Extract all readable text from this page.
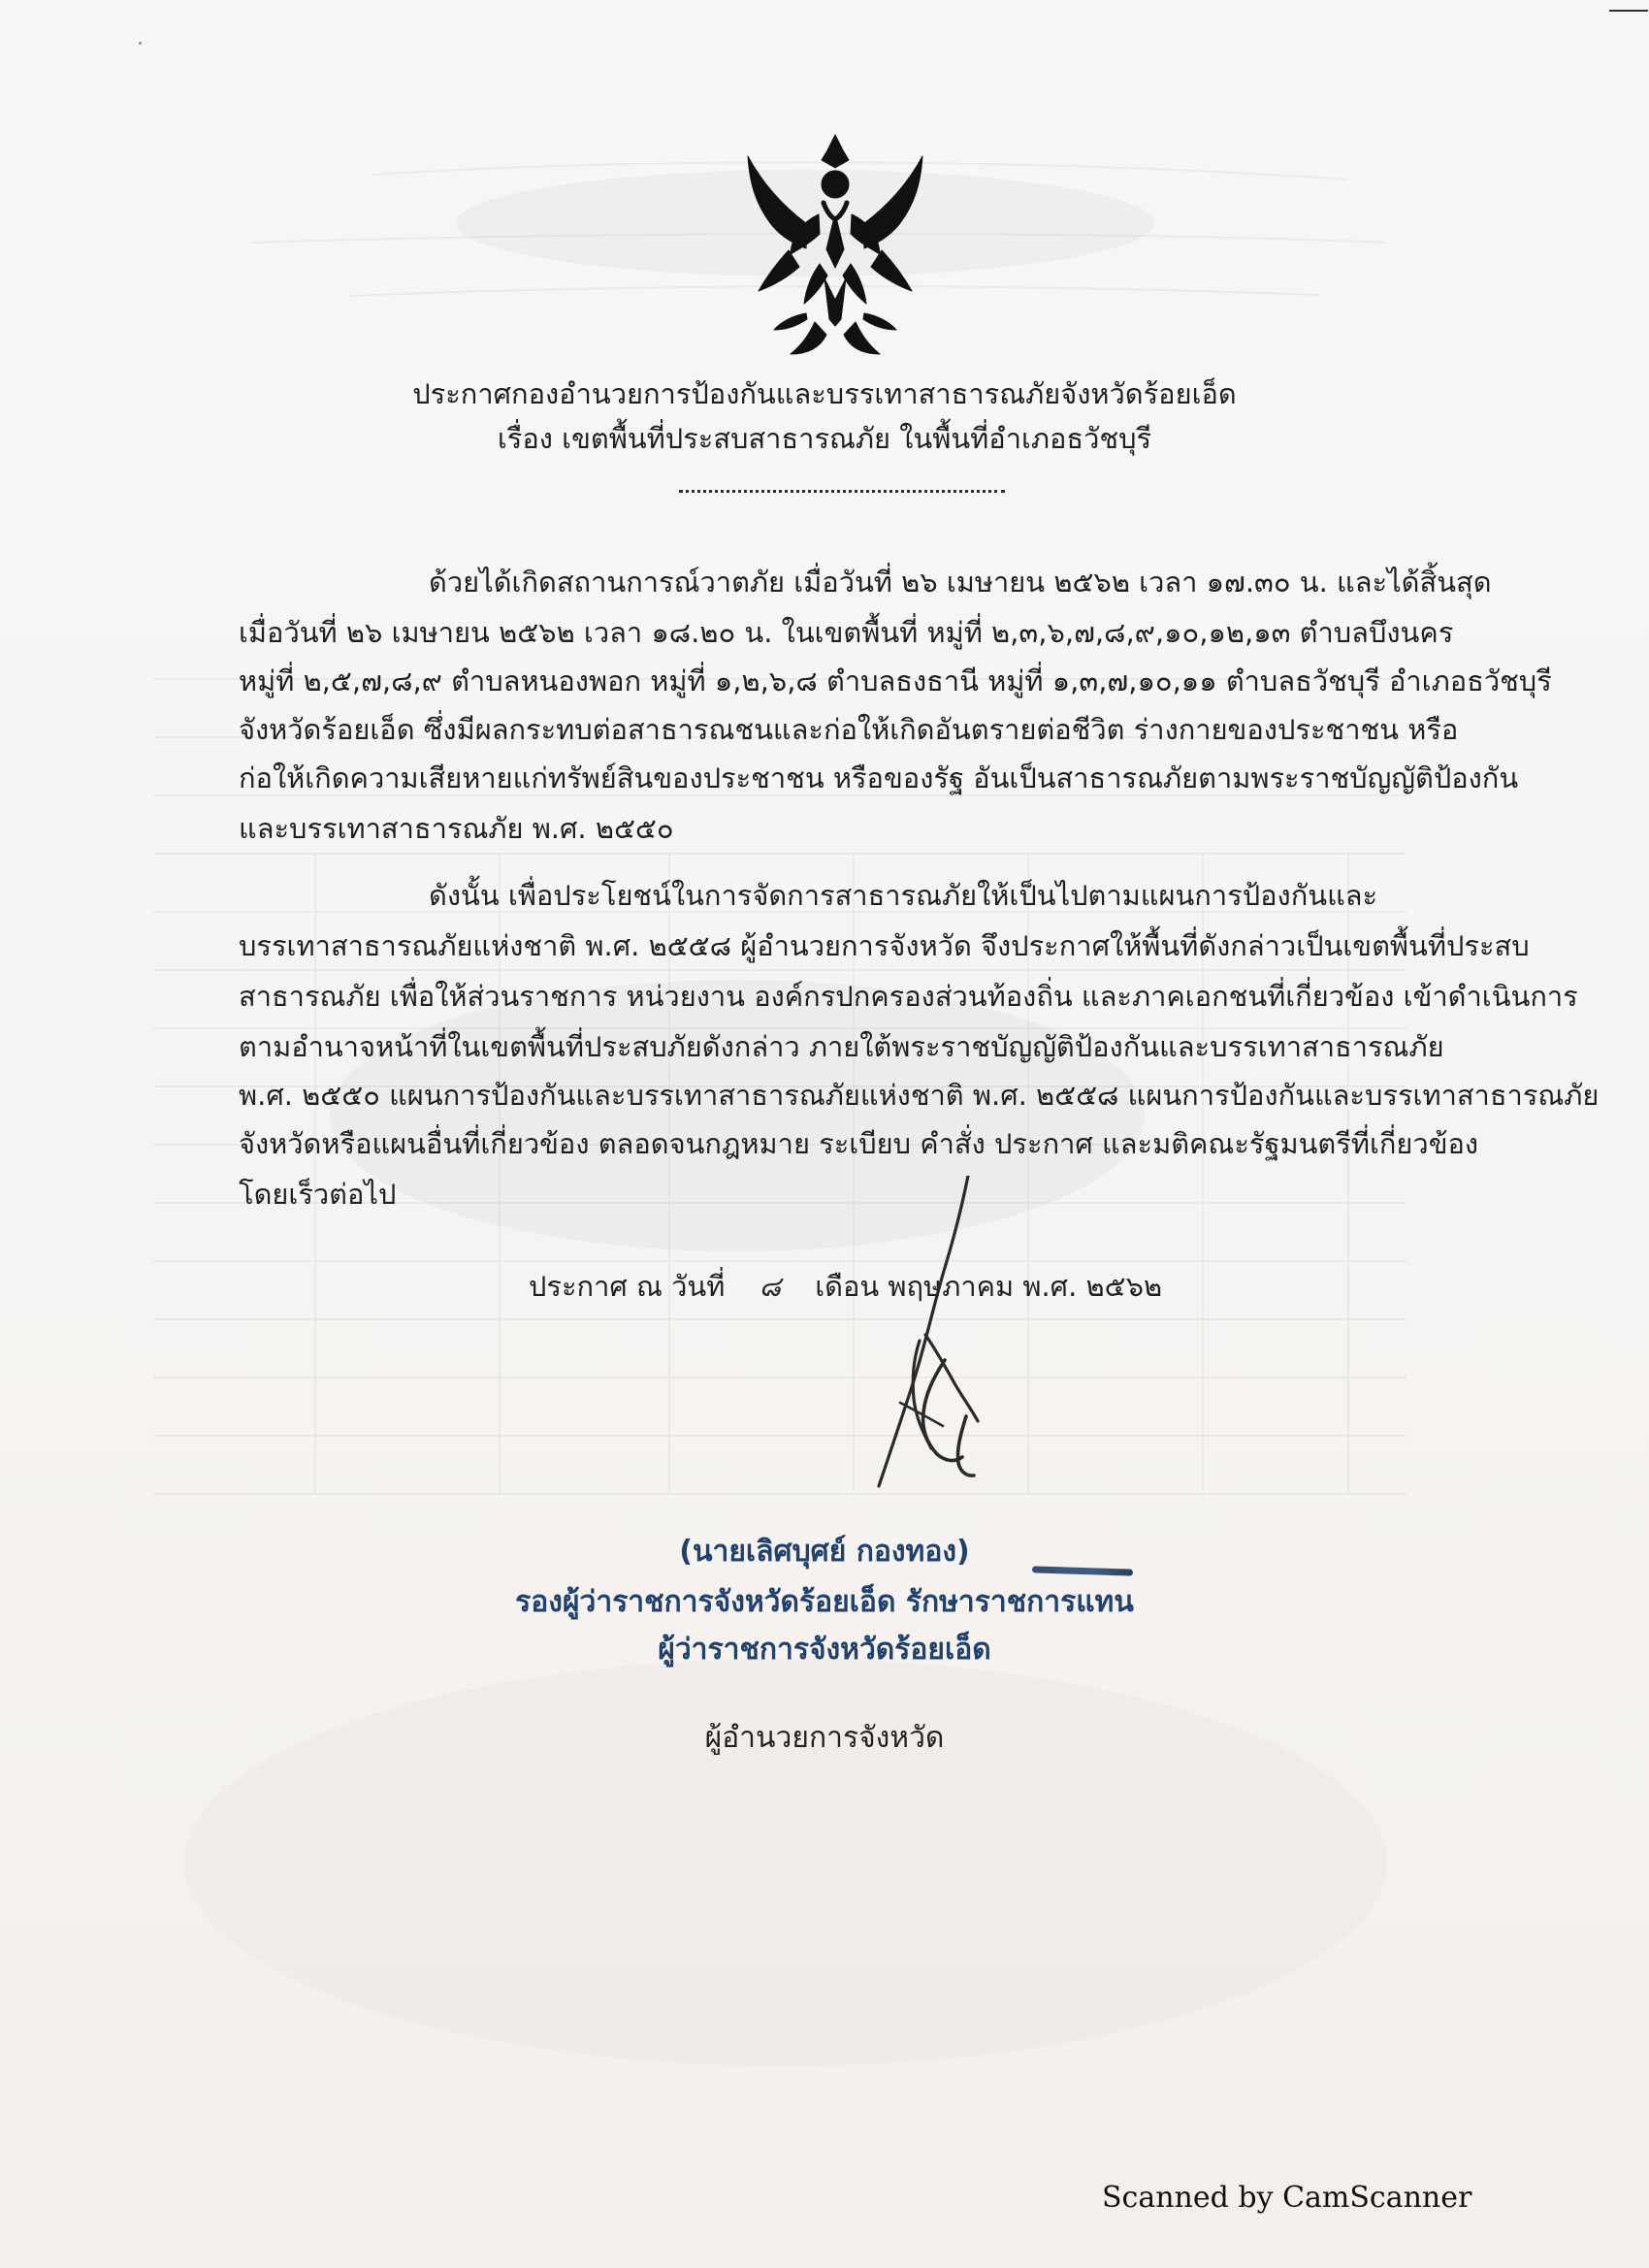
ประกาศกองอำนวยการป้องกันและบรรเทาสาธารณภัยจังหวัดร้อยเอ็ด
เรื่อง เขตพื้นที่ประสบสาธารณภัย ในพื้นที่อำเภอธวัชบุรี
ด้วยได้เกิดสถานการณ์วาตภัย เมื่อวันที่ ๒๖ เมษายน ๒๕๖๒ เวลา ๑๗.๓๐ น. และได้สิ้นสุด
เมื่อวันที่ ๒๖ เมษายน ๒๕๖๒ เวลา ๑๘.๒๐ น. ในเขตพื้นที่ หมู่ที่ ๒,๓,๖,๗,๘,๙,๑๐,๑๒,๑๓ ตำบลบึงนคร
หมู่ที่ ๒,๕,๗,๘,๙ ตำบลหนองพอก หมู่ที่ ๑,๒,๖,๘ ตำบลธงธานี หมู่ที่ ๑,๓,๗,๑๐,๑๑ ตำบลธวัชบุรี อำเภอธวัชบุรี
จังหวัดร้อยเอ็ด ซึ่งมีผลกระทบต่อสาธารณชนและก่อให้เกิดอันตรายต่อชีวิต ร่างกายของประชาชน หรือ
ก่อให้เกิดความเสียหายแก่ทรัพย์สินของประชาชน หรือของรัฐ อันเป็นสาธารณภัยตามพระราชบัญญัติป้องกัน
และบรรเทาสาธารณภัย พ.ศ. ๒๕๕๐
ดังนั้น เพื่อประโยชน์ในการจัดการสาธารณภัยให้เป็นไปตามแผนการป้องกันและ
บรรเทาสาธารณภัยแห่งชาติ พ.ศ. ๒๕๕๘ ผู้อำนวยการจังหวัด จึงประกาศให้พื้นที่ดังกล่าวเป็นเขตพื้นที่ประสบ
สาธารณภัย เพื่อให้ส่วนราชการ หน่วยงาน องค์กรปกครองส่วนท้องถิ่น และภาคเอกชนที่เกี่ยวข้อง เข้าดำเนินการ
ตามอำนาจหน้าที่ในเขตพื้นที่ประสบภัยดังกล่าว ภายใต้พระราชบัญญัติป้องกันและบรรเทาสาธารณภัย
พ.ศ. ๒๕๕๐ แผนการป้องกันและบรรเทาสาธารณภัยแห่งชาติ พ.ศ. ๒๕๕๘ แผนการป้องกันและบรรเทาสาธารณภัย
จังหวัดหรือแผนอื่นที่เกี่ยวข้อง ตลอดจนกฎหมาย ระเบียบ คำสั่ง ประกาศ และมติคณะรัฐมนตรีที่เกี่ยวข้อง
โดยเร็วต่อไป
ประกาศ ณ วันที่ ๘ เดือน พฤษภาคม พ.ศ. ๒๕๖๒
(นายเลิศบุศย์ กองทอง)
รองผู้ว่าราชการจังหวัดร้อยเอ็ด รักษาราชการแทน
ผู้ว่าราชการจังหวัดร้อยเอ็ด
ผู้อำนวยการจังหวัด
Scanned by CamScanner
